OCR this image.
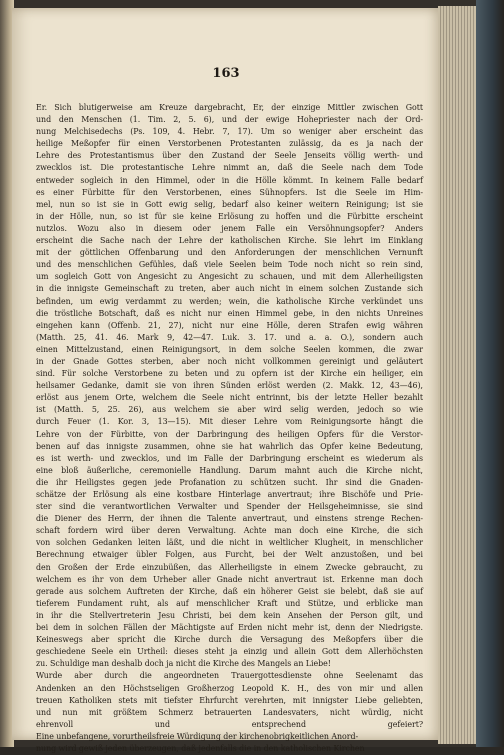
163
Er. Sich blutigerweise am Kreuze dargebracht, Er, der einzige Mittler zwischen Gott
und den Menschen (1. Tim. 2, 5. 6), und der ewige Hohepriester nach der Ord-
nung Melchisedechs (Ps. 109, 4. Hebr. 7, 17). Um so weniger aber erscheint das
heilige Meßopfer für einen Verstorbenen Protestanten zulässig, da es ja nach der
Lehre des Protestantismus über den Zustand der Seele Jenseits völlig werth- und
zwecklos ist. Die protestantische Lehre nimmt an, daß die Seele nach dem Tode
entweder sogleich in den Himmel, oder in die Hölle kömmt. In keinem Falle bedarf
es einer Fürbitte für den Verstorbenen, eines Sühnopfers. Ist die Seele im Him-
mel, nun so ist sie in Gott ewig selig, bedarf also keiner weitern Reinigung; ist sie
in der Hölle, nun, so ist für sie keine Erlösung zu hoffen und die Fürbitte erscheint
nutzlos. Wozu also in diesem oder jenem Falle ein Versöhnungsopfer? Anders
erscheint die Sache nach der Lehre der katholischen Kirche. Sie lehrt im Einklang
mit der göttlichen Offenbarung und den Anforderungen der menschlichen Vernunft
und des menschlichen Gefühles, daß viele Seelen beim Tode noch nicht so rein sind,
um sogleich Gott von Angesicht zu Angesicht zu schauen, und mit dem Allerheiligsten
in die innigste Gemeinschaft zu treten, aber auch nicht in einem solchen Zustande sich
befinden, um ewig verdammt zu werden; wein, die katholische Kirche verkündet uns
die tröstliche Botschaft, daß es nicht nur einen Himmel gebe, in den nichts Unreines
eingehen kann (Offenb. 21, 27), nicht nur eine Hölle, deren Strafen ewig währen
(Matth. 25, 41. 46. Mark 9, 42—47. Luk. 3. 17. und a. a. O.), sondern auch
einen Mittelzustand, einen Reinigungsort, in dem solche Seelen kommen, die zwar
in der Gnade Gottes sterben, aber noch nicht vollkommen gereinigt und geläutert
sind. Für solche Verstorbene zu beten und zu opfern ist der Kirche ein heiliger, ein
heilsamer Gedanke, damit sie von ihren Sünden erlöst werden (2. Makk. 12, 43—46),
erlöst aus jenem Orte, welchem die Seele nicht entrinnt, bis der letzte Heller bezahlt
ist (Matth. 5, 25. 26), aus welchem sie aber wird selig werden, jedoch so wie
durch Feuer (1. Kor. 3, 13—15). Mit dieser Lehre vom Reinigungsorte hängt die
Lehre von der Fürbitte, von der Darbringung des heiligen Opfers für die Verstor-
benen auf das innigste zusammen, ohne sie hat wahrlich das Opfer keine Bedeutung,
es ist werth- und zwecklos, und im Falle der Darbringung erscheint es wiederum als
eine bloß äußerliche, ceremonielle Handlung. Darum mahnt auch die Kirche nicht,
die ihr Heiligstes gegen jede Profanation zu schützen sucht. Ihr sind die Gnaden-
schätze der Erlösung als eine kostbare Hinterlage anvertraut; ihre Bischöfe und Prie-
ster sind die verantwortlichen Verwalter und Spender der Heilsgeheimnisse, sie sind
die Diener des Herrn, der ihnen die Talente anvertraut, und einstens strenge Rechen-
schaft fordern wird über deren Verwaltung. Achte man doch eine Kirche, die sich
von solchen Gedanken leiten läßt, und die nicht in weltlicher Klugheit, in menschlicher
Berechnung etwaiger übler Folgen, aus Furcht, bei der Welt anzustoßen, und bei
den Großen der Erde einzubüßen, das Allerheiligste in einem Zwecke gebraucht, zu
welchem es ihr von dem Urheber aller Gnade nicht anvertraut ist. Erkenne man doch
gerade aus solchem Auftreten der Kirche, daß ein höherer Geist sie belebt, daß sie auf
tieferem Fundament ruht, als auf menschlicher Kraft und Stütze, und erblicke man
in ihr die Stellvertreterin Jesu Christi, bei dem kein Ansehen der Person gilt, und
bei dem in solchen Fällen der Mächtigste auf Erden nicht mehr ist, denn der Niedrigste.
Keineswegs aber spricht die Kirche durch die Versagung des Meßopfers über die
geschiedene Seele ein Urtheil: dieses steht ja einzig und allein Gott dem Allerhöchsten
zu. Schuldige man deshalb doch ja nicht die Kirche des Mangels an Liebe!
Wurde aber durch die angeordneten Trauergottesdienste ohne Seelenamt das
Andenken an den Höchstseligen Großherzog Leopold K. H., des von mir und allen
treuen Katholiken stets mit tiefster Ehrfurcht verehrten, mit innigster Liebe geliebten,
und nun mit größtem Schmerz betrauerten Landesvaters, nicht würdig, nicht
ehrenvoll und entsprechend gefeiert?
Eine unbefangene, vorurtheilsfreie Würdigung der kirchenobrigkeitlichen Anord-
nung wird gewiß jeden überzeugen, daß jedenfalls die in den katholischen Kirchen
